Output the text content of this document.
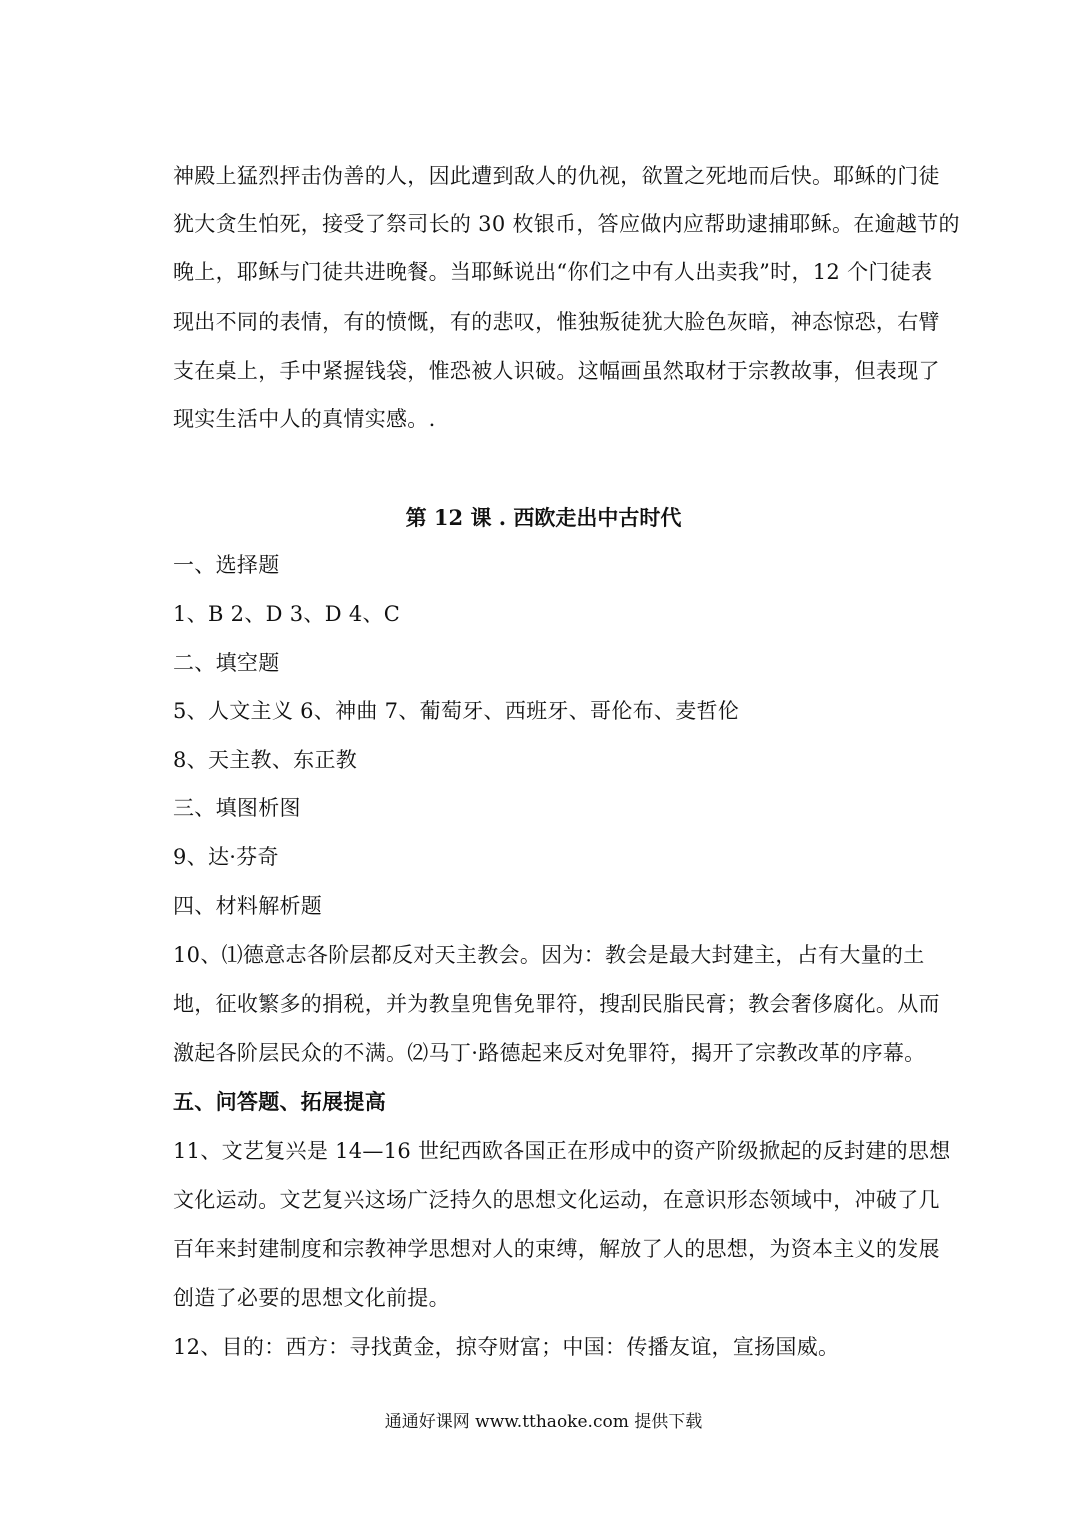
神殿上猛烈抨击伪善的人，因此遭到敌人的仇视，欲置之死地而后快。耶稣的门徒
犹大贪生怕死，接受了祭司长的 30 枚银币，答应做内应帮助逮捕耶稣。在逾越节的
晚上，耶稣与门徒共进晚餐。当耶稣说出“你们之中有人出卖我”时，12 个门徒表
现出不同的表情，有的愤慨，有的悲叹，惟独叛徒犹大脸色灰暗，神态惊恐，右臂
支在桌上，手中紧握钱袋，惟恐被人识破。这幅画虽然取材于宗教故事，但表现了
现实生活中人的真情实感。.
第 12 课 . 西欧走出中古时代
一、选择题
1、B 2、D 3、D 4、C
二、填空题
5、人文主义 6、神曲 7、葡萄牙、西班牙、哥伦布、麦哲伦
8、天主教、东正教
三、填图析图
9、达·芬奇
四、材料解析题
10、⑴德意志各阶层都反对天主教会。因为：教会是最大封建主，占有大量的土
地，征收繁多的捐税，并为教皇兜售免罪符，搜刮民脂民膏；教会奢侈腐化。从而
激起各阶层民众的不满。⑵马丁·路德起来反对免罪符，揭开了宗教改革的序幕。
五、问答题、拓展提高
11、文艺复兴是 14—16 世纪西欧各国正在形成中的资产阶级掀起的反封建的思想
文化运动。文艺复兴这场广泛持久的思想文化运动，在意识形态领域中，冲破了几
百年来封建制度和宗教神学思想对人的束缚，解放了人的思想，为资本主义的发展
创造了必要的思想文化前提。
12、目的：西方：寻找黄金，掠夺财富；中国：传播友谊，宣扬国威。
通通好课网 www.tthaoke.com 提供下载
